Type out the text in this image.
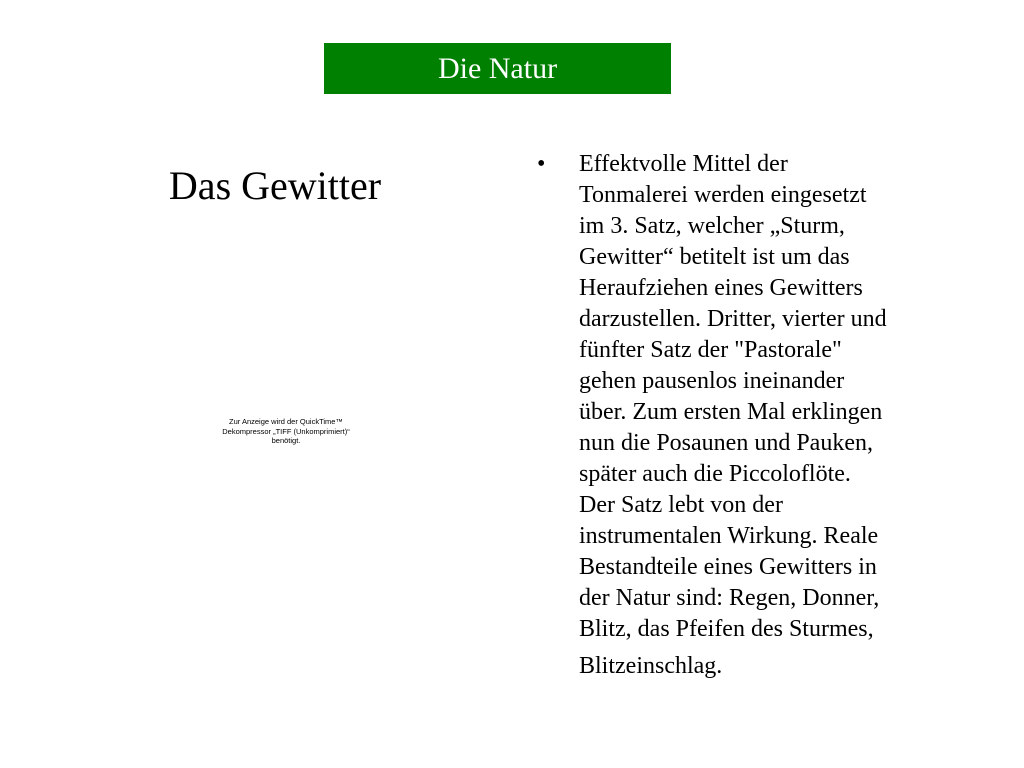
Die Natur
Das Gewitter
Zur Anzeige wird der QuickTime™
Dekompressor „TIFF (Unkomprimiert)“
benötigt.
•	Effektvolle Mittel der
Tonmalerei werden eingesetzt
im 3. Satz, welcher „Sturm,
Gewitter“ betitelt ist um das
Heraufziehen eines Gewitters
darzustellen. Dritter, vierter und
fünfter Satz der "Pastorale"
gehen pausenlos ineinander
über. Zum ersten Mal erklingen
nun die Posaunen und Pauken,
später auch die Piccoloflöte.
Der Satz lebt von der
instrumentalen Wirkung. Reale
Bestandteile eines Gewitters in
der Natur sind: Regen, Donner,
Blitz, das Pfeifen des Sturmes,
Blitzeinschlag.
